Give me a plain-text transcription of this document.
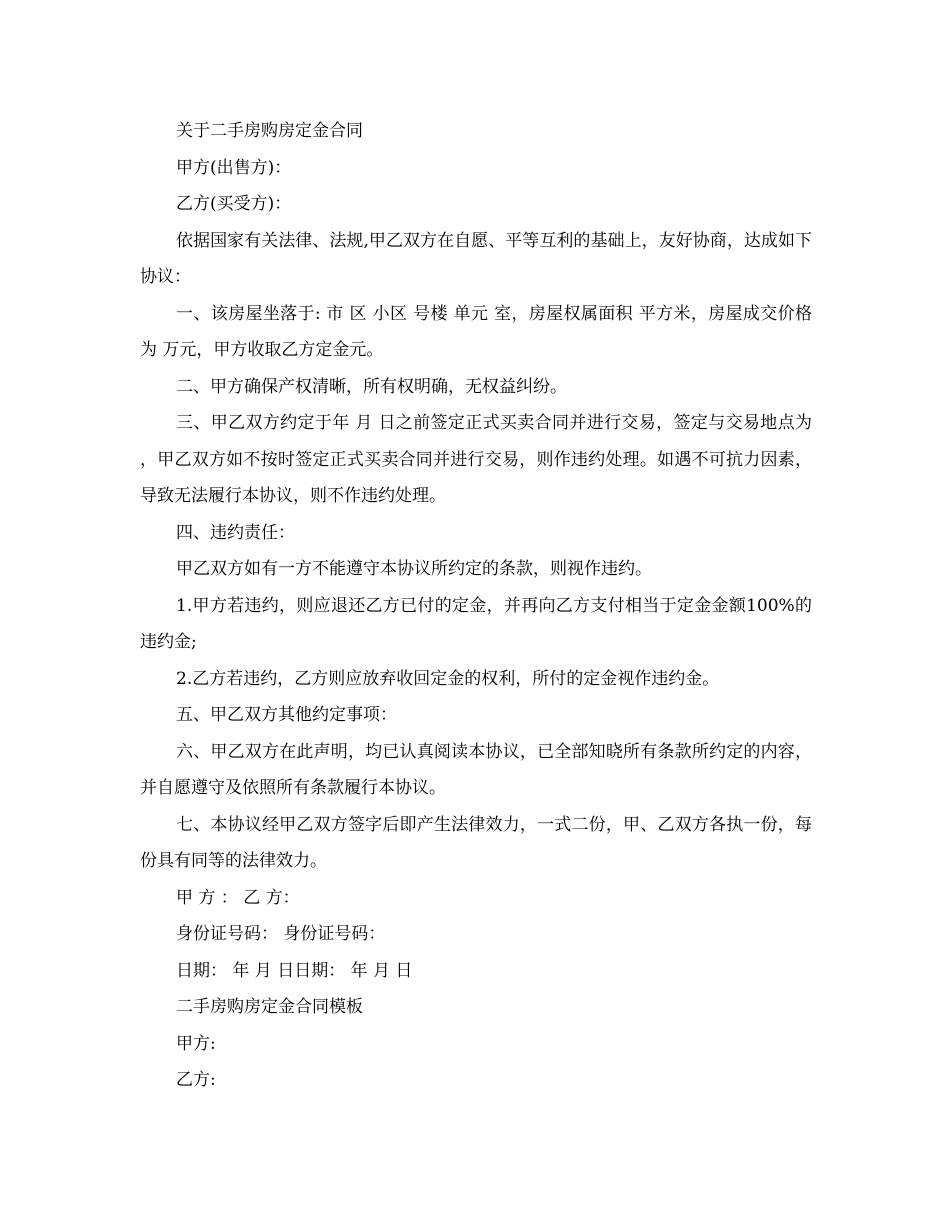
关于二手房购房定金合同

甲方(出售方)：

乙方(买受方)：

依据国家有关法律、法规,甲乙双方在自愿、平等互利的基础上，友好协商，达成如下协议：

一、该房屋坐落于: 市 区 小区 号楼 单元 室，房屋权属面积 平方米，房屋成交价格为 万元，甲方收取乙方定金元。

二、甲方确保产权清晰，所有权明确，无权益纠纷。

三、甲乙双方约定于年 月 日之前签定正式买卖合同并进行交易，签定与交易地点为 ，甲乙双方如不按时签定正式买卖合同并进行交易，则作违约处理。如遇不可抗力因素，导致无法履行本协议，则不作违约处理。

四、违约责任：

甲乙双方如有一方不能遵守本协议所约定的条款，则视作违约。

1.甲方若违约，则应退还乙方已付的定金，并再向乙方支付相当于定金金额100%的违约金;

2.乙方若违约，乙方则应放弃收回定金的权利，所付的定金视作违约金。

五、甲乙双方其他约定事项：

六、甲乙双方在此声明，均已认真阅读本协议，已全部知晓所有条款所约定的内容，并自愿遵守及依照所有条款履行本协议。

七、本协议经甲乙双方签字后即产生法律效力，一式二份，甲、乙双方各执一份，每份具有同等的法律效力。

甲 方 ： 乙 方：

身份证号码： 身份证号码：

日期： 年 月 日日期： 年 月 日

二手房购房定金合同模板

甲方:

乙方:
